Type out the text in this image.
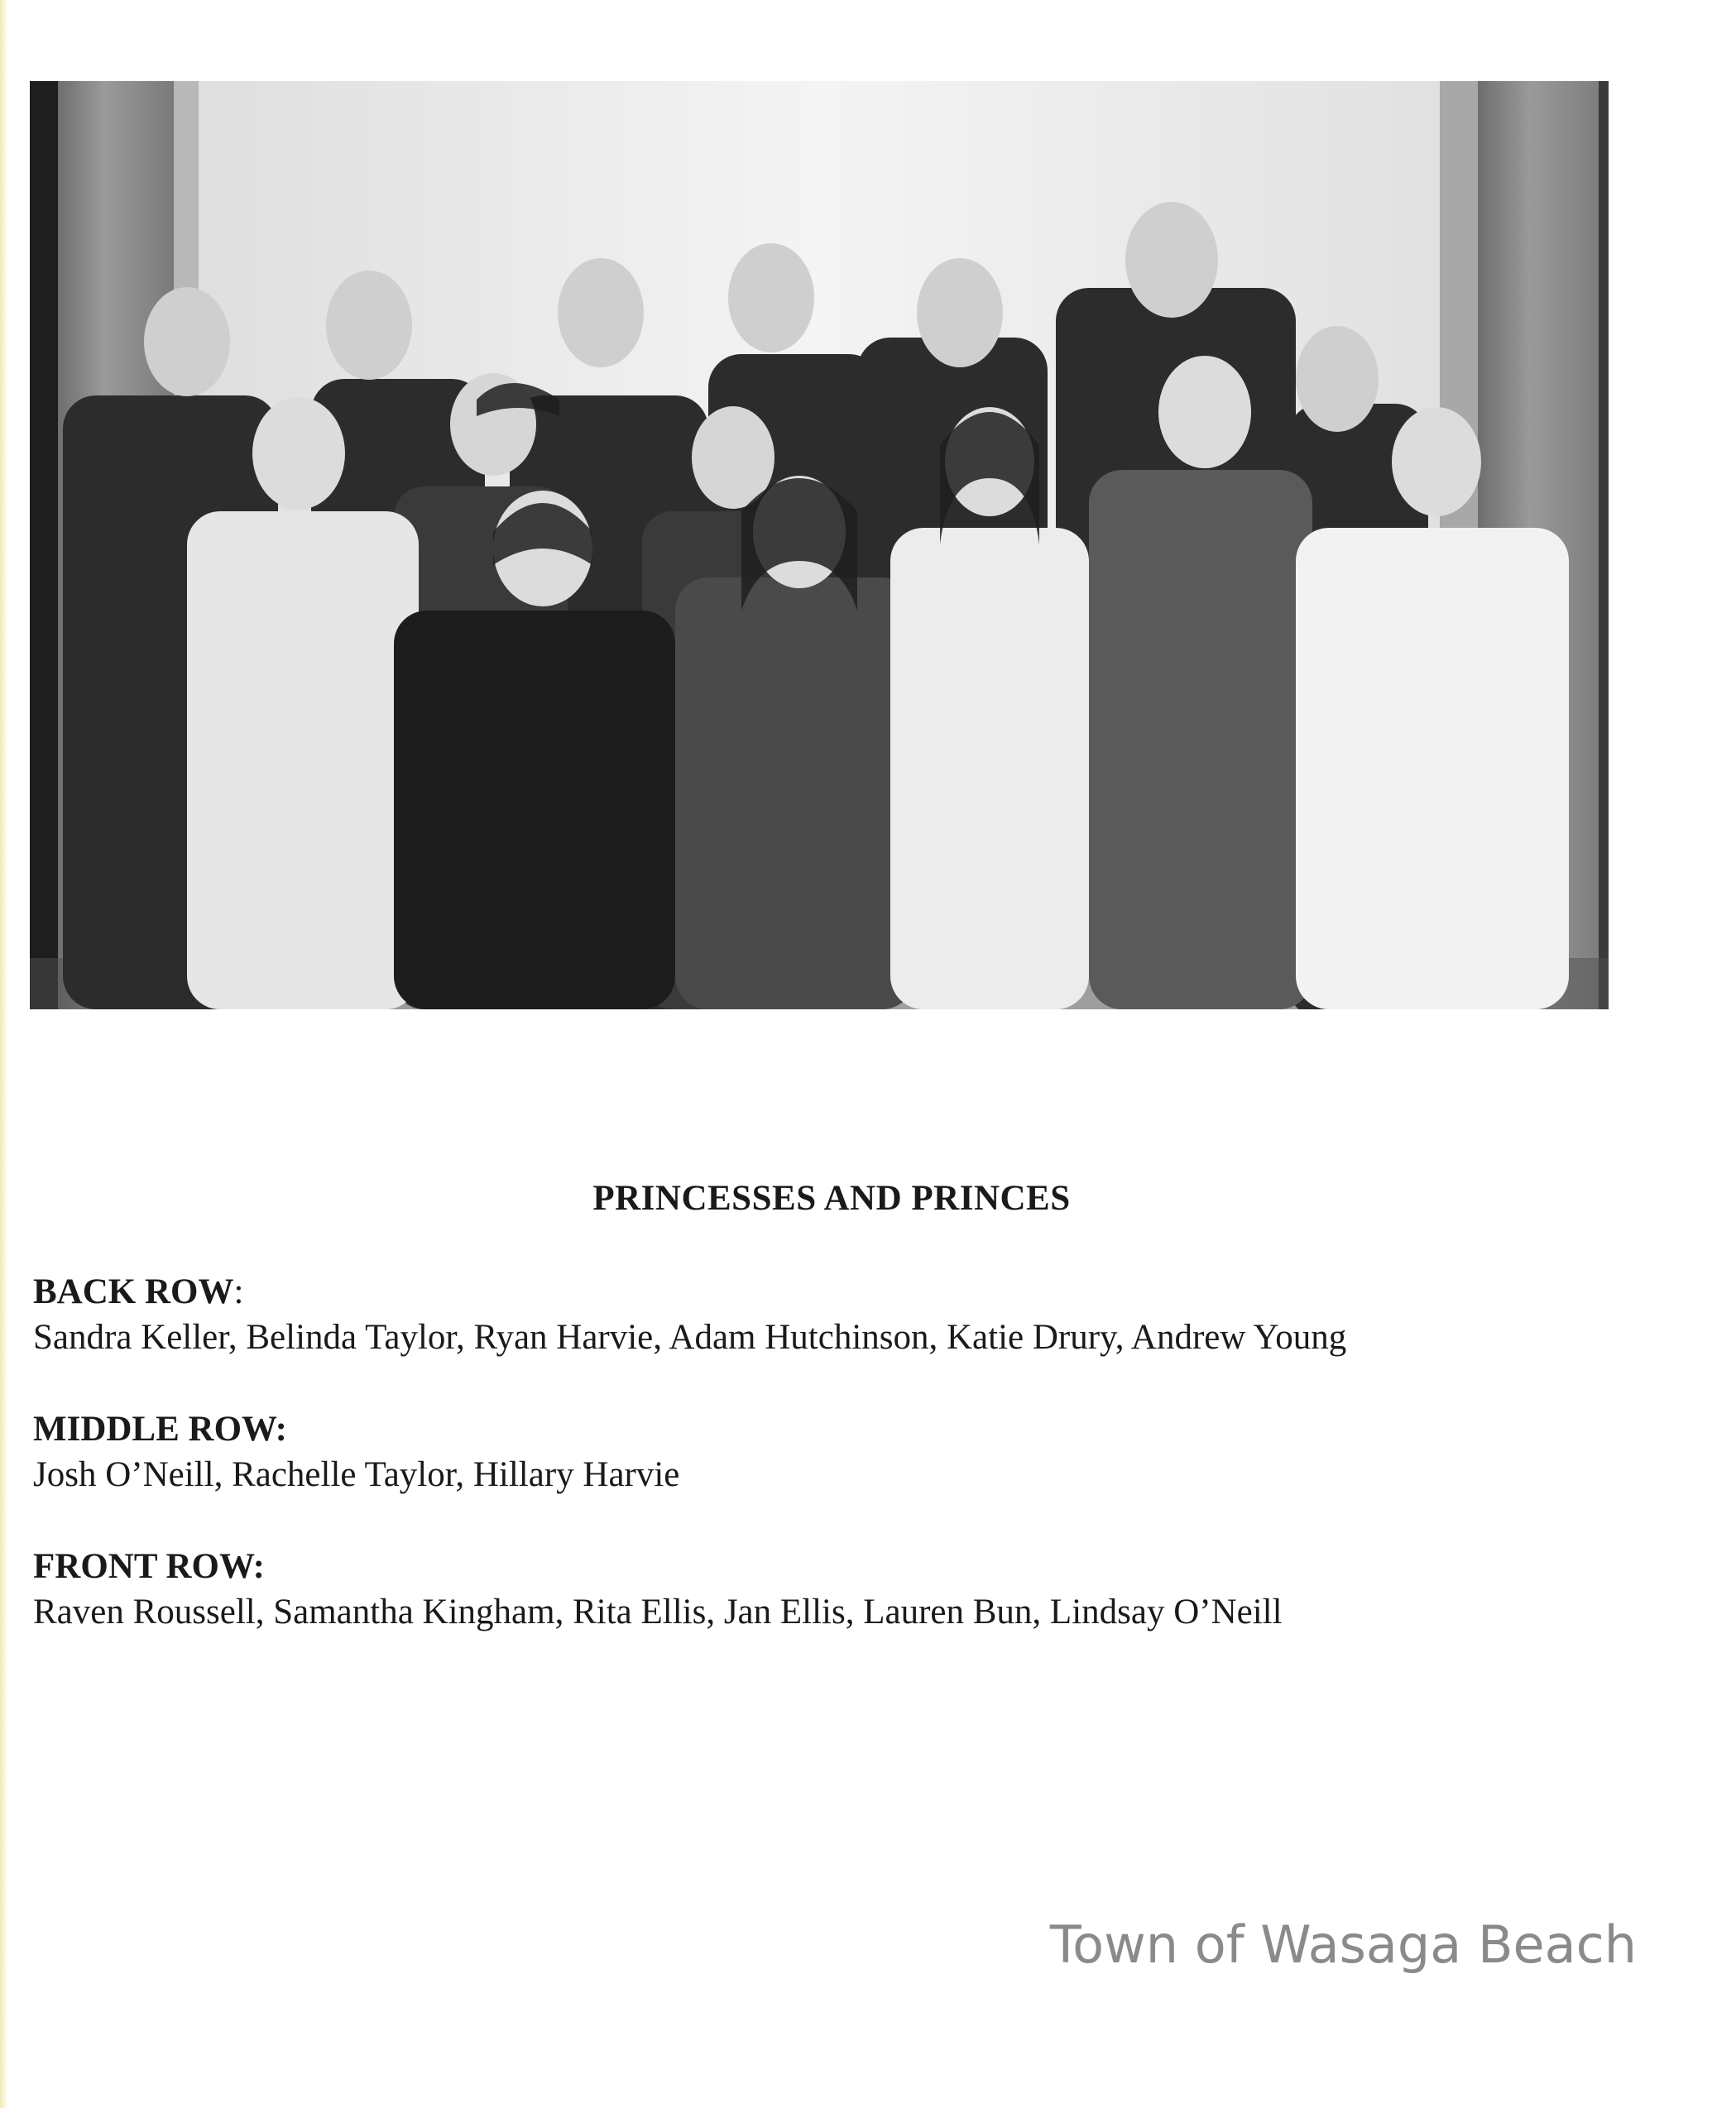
PRINCESSES AND PRINCES
BACK ROW:
Sandra Keller, Belinda Taylor, Ryan Harvie, Adam Hutchinson, Katie Drury, Andrew Young
MIDDLE ROW:
Josh O’Neill, Rachelle Taylor, Hillary Harvie
FRONT ROW:
Raven Roussell, Samantha Kingham, Rita Ellis, Jan Ellis, Lauren Bun, Lindsay O’Neill
Town of Wasaga Beach
